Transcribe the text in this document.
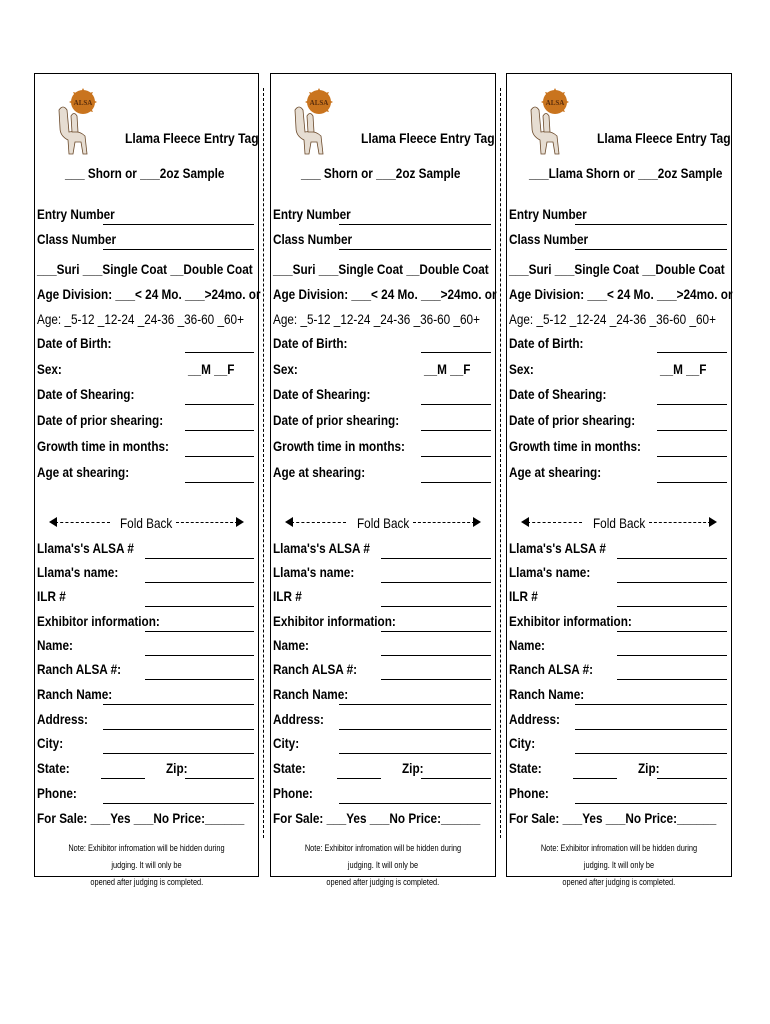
ALSA
Llama Fleece Entry Tag
___ Shorn or ___2oz Sample
Entry Number
Class Number
___Suri ___Single Coat __Double Coat
Age Division: ___< 24 Mo. ___>24mo. or
Age: _5-12 _12-24 _24-36 _36-60 _60+
Date of Birth:
Sex:	__M __F
Date of Shearing:
Date of prior shearing:
Growth time in months:
Age at shearing:
Fold Back
Llama's's ALSA #
Llama's name:
ILR #
Exhibitor information:
Name:
Ranch ALSA #:
Ranch Name:
Address:
City:
State:	Zip:
Phone:
For Sale: ___Yes ___No Price:______
Note: Exhibitor infromation will be hidden during judging. It will only be
opened after judging is completed.
ALSA
Llama Fleece Entry Tag
___ Shorn or ___2oz Sample
Entry Number
Class Number
___Suri ___Single Coat __Double Coat
Age Division: ___< 24 Mo. ___>24mo. or
Age: _5-12 _12-24 _24-36 _36-60 _60+
Date of Birth:
Sex:	__M __F
Date of Shearing:
Date of prior shearing:
Growth time in months:
Age at shearing:
Fold Back
Llama's's ALSA #
Llama's name:
ILR #
Exhibitor information:
Name:
Ranch ALSA #:
Ranch Name:
Address:
City:
State:	Zip:
Phone:
For Sale: ___Yes ___No Price:______
Note: Exhibitor infromation will be hidden during judging. It will only be
opened after judging is completed.
ALSA
Llama Fleece Entry Tag
___Llama Shorn or ___2oz Sample
Entry Number
Class Number
___Suri ___Single Coat __Double Coat
Age Division: ___< 24 Mo. ___>24mo. or
Age: _5-12 _12-24 _24-36 _36-60 _60+
Date of Birth:
Sex:	__M __F
Date of Shearing:
Date of prior shearing:
Growth time in months:
Age at shearing:
Fold Back
Llama's's ALSA #
Llama's name:
ILR #
Exhibitor information:
Name:
Ranch ALSA #:
Ranch Name:
Address:
City:
State:	Zip:
Phone:
For Sale: ___Yes ___No Price:______
Note: Exhibitor infromation will be hidden during judging. It will only be
opened after judging is completed.
